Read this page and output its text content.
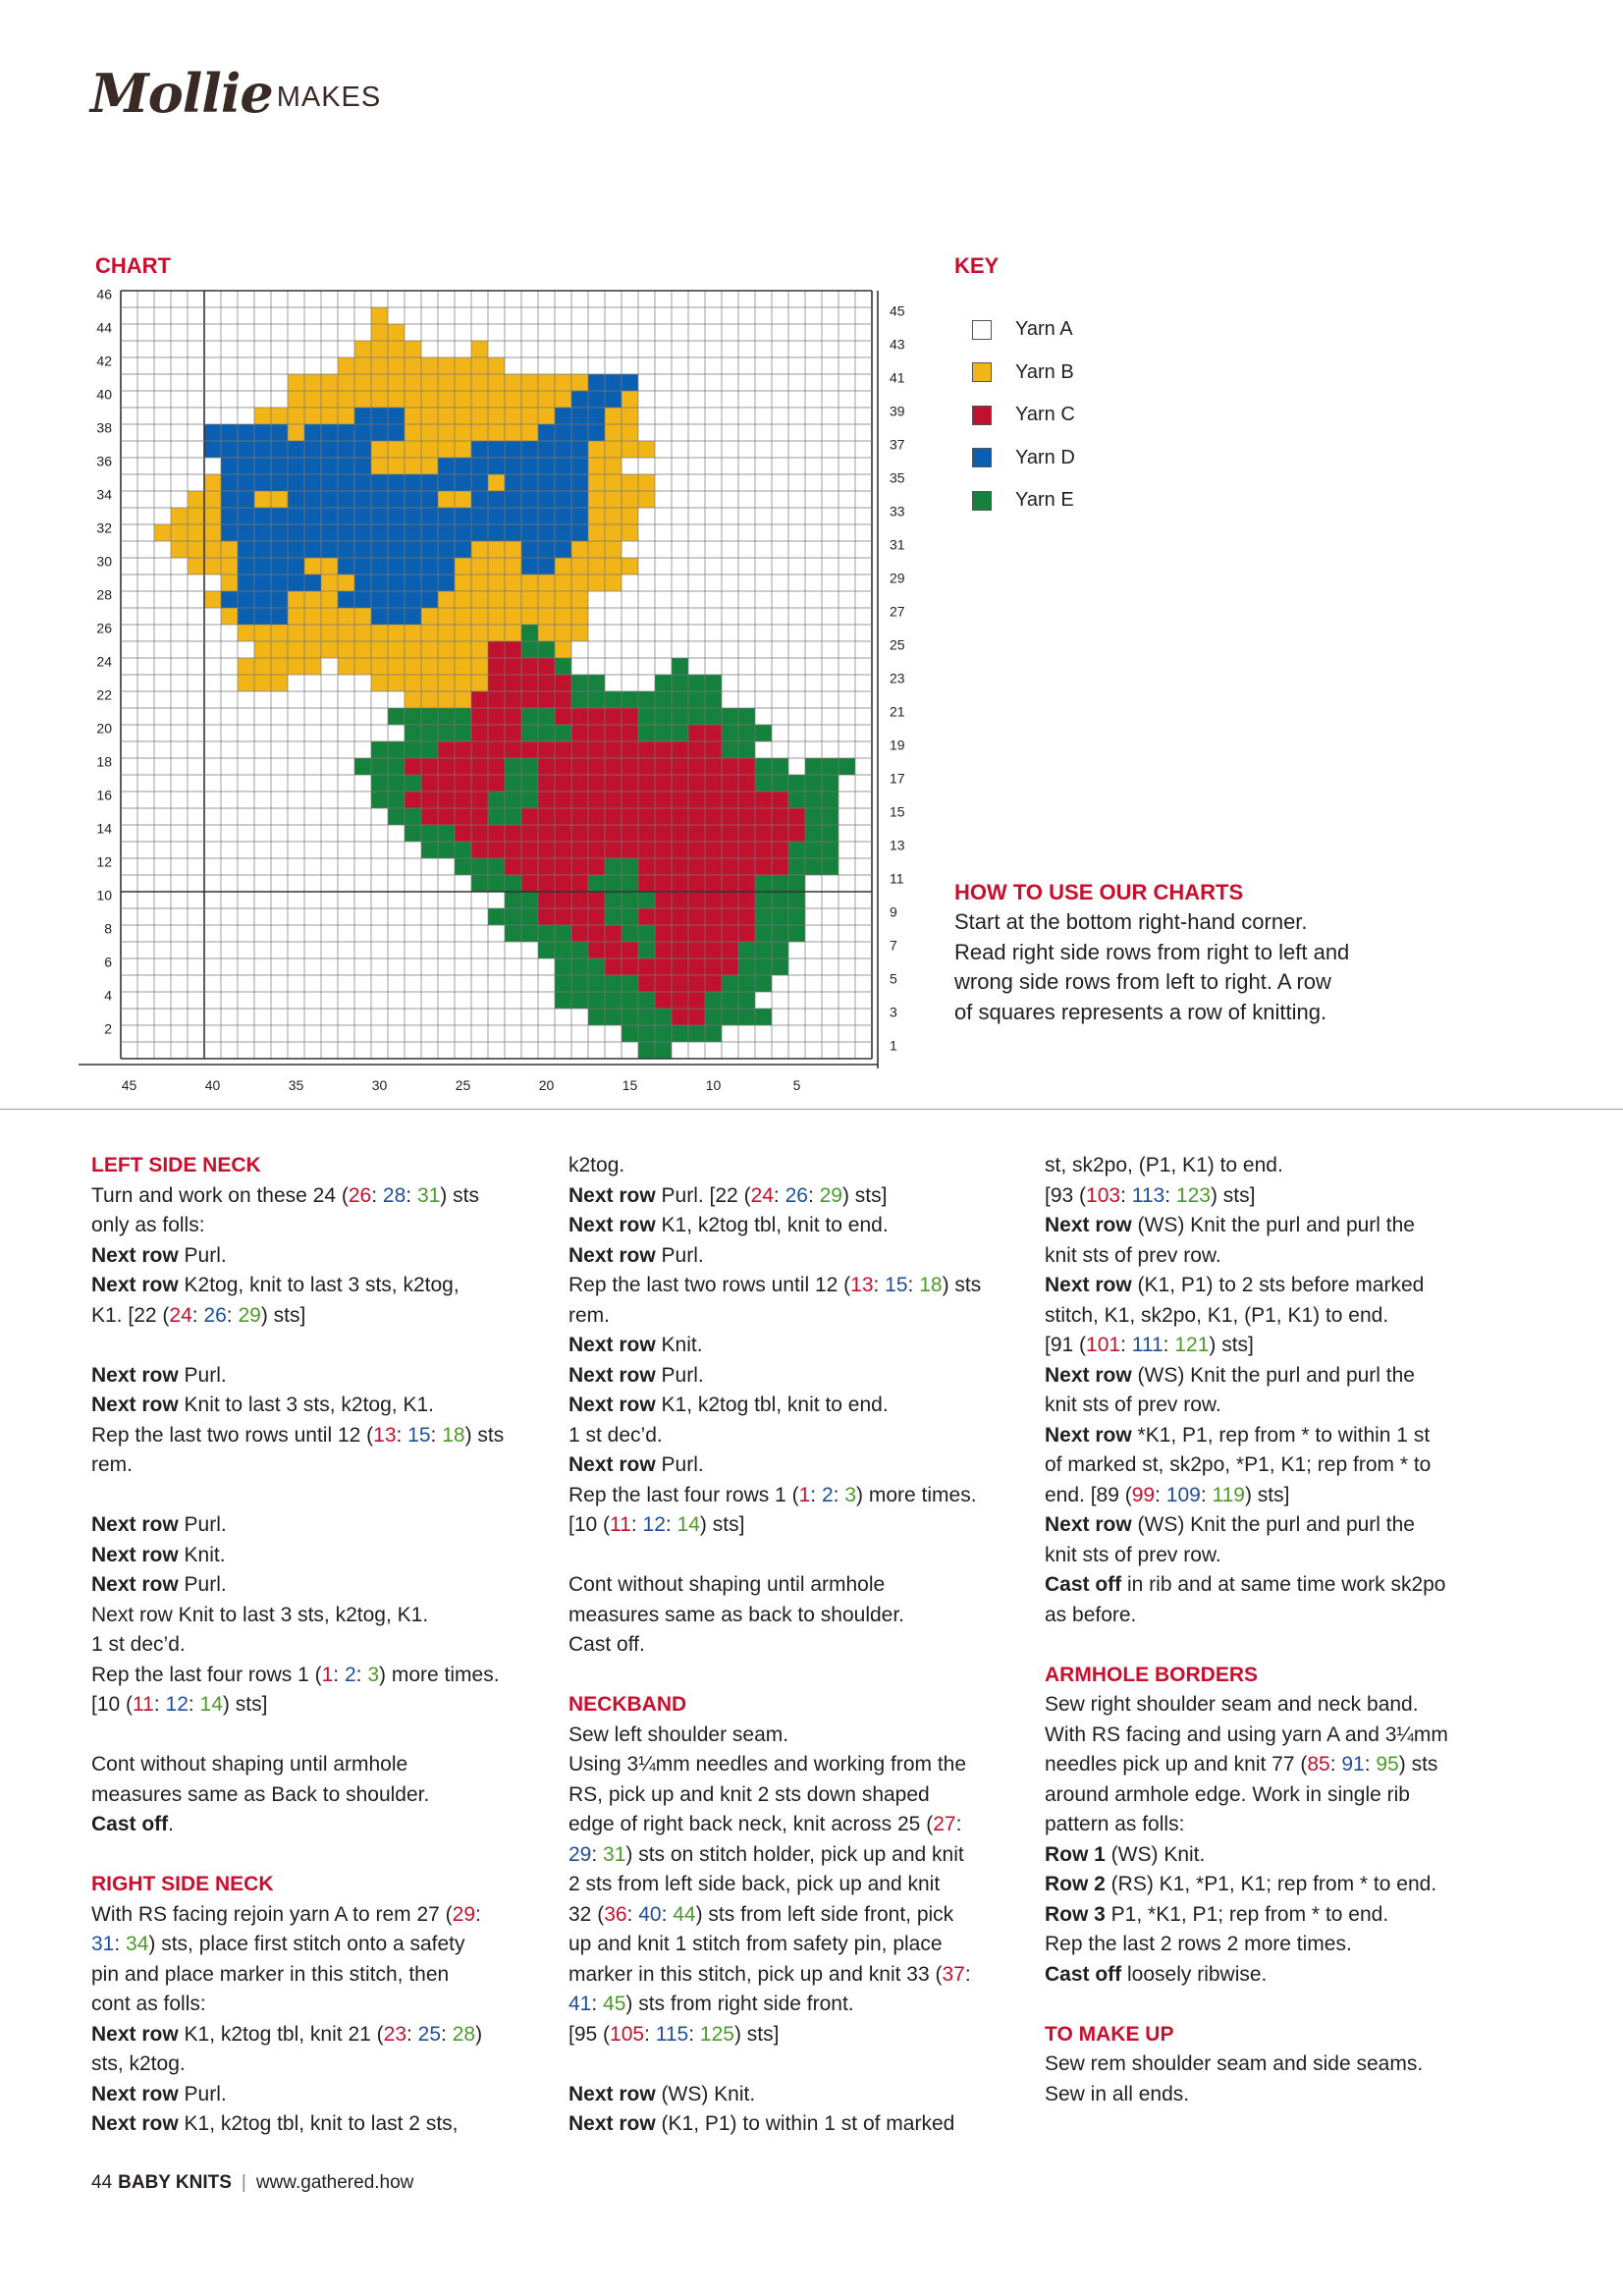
Mollie MAKES
CHART	KEY
46
44
42
40
38
36
34
32
30
28
26
24
22
20
18
16
14
12
10
8
6
4
2
45
43
41
39
37
35
33
31
29
27
25
23
21
19
17
15
13
11
9
7
5
3
1
45	40	35	30	25	20	15	10	5
Yarn A
Yarn B
Yarn C
Yarn D
Yarn E
HOW TO USE OUR CHARTS

Start at the bottom right-hand corner.

Read right side rows from right to left and

wrong side rows from left to right. A row

of squares represents a row of knitting.

LEFT SIDE NECK
Turn and work on these 24 (26: 28: 31) sts
only as folls:
Next row Purl.
Next row K2tog, knit to last 3 sts, k2tog,
K1. [22 (24: 26: 29) sts]
Next row Purl.
Next row Knit to last 3 sts, k2tog, K1.
Rep the last two rows until 12 (13: 15: 18) sts
rem.
Next row Purl.
Next row Knit.
Next row Purl.
Next row Knit to last 3 sts, k2tog, K1.
1 st dec’d.
Rep the last four rows 1 (1: 2: 3) more times.
[10 (11: 12: 14) sts]
Cont without shaping until armhole
measures same as Back to shoulder.
Cast off.
RIGHT SIDE NECK
With RS facing rejoin yarn A to rem 27 (29:
31: 34) sts, place first stitch onto a safety
pin and place marker in this stitch, then
cont as folls:
Next row K1, k2tog tbl, knit 21 (23: 25: 28)
sts, k2tog.
Next row Purl.
Next row K1, k2tog tbl, knit to last 2 sts,
k2tog.
Next row Purl. [22 (24: 26: 29) sts]
Next row K1, k2tog tbl, knit to end.
Next row Purl.
Rep the last two rows until 12 (13: 15: 18) sts
rem.
Next row Knit.
Next row Purl.
Next row K1, k2tog tbl, knit to end.
1 st dec’d.
Next row Purl.
Rep the last four rows 1 (1: 2: 3) more times.
[10 (11: 12: 14) sts]
Cont without shaping until armhole
measures same as back to shoulder.
Cast off.
NECKBAND
Sew left shoulder seam.
Using 3¼mm needles and working from the
RS, pick up and knit 2 sts down shaped
edge of right back neck, knit across 25 (27:
29: 31) sts on stitch holder, pick up and knit
2 sts from left side back, pick up and knit
32 (36: 40: 44) sts from left side front, pick
up and knit 1 stitch from safety pin, place
marker in this stitch, pick up and knit 33 (37:
41: 45) sts from right side front.
[95 (105: 115: 125) sts]
Next row (WS) Knit.
Next row (K1, P1) to within 1 st of marked
st, sk2po, (P1, K1) to end.
[93 (103: 113: 123) sts]
Next row (WS) Knit the purl and purl the
knit sts of prev row.
Next row (K1, P1) to 2 sts before marked
stitch, K1, sk2po, K1, (P1, K1) to end.
[91 (101: 111: 121) sts]
Next row (WS) Knit the purl and purl the
knit sts of prev row.
Next row *K1, P1, rep from * to within 1 st
of marked st, sk2po, *P1, K1; rep from * to
end. [89 (99: 109: 119) sts]
Next row (WS) Knit the purl and purl the
knit sts of prev row.
Cast off in rib and at same time work sk2po
as before.
ARMHOLE BORDERS
Sew right shoulder seam and neck band.
With RS facing and using yarn A and 3¼mm
needles pick up and knit 77 (85: 91: 95) sts
around armhole edge. Work in single rib
pattern as folls:
Row 1 (WS) Knit.
Row 2 (RS) K1, *P1, K1; rep from * to end.
Row 3 P1, *K1, P1; rep from * to end.
Rep the last 2 rows 2 more times.
Cast off loosely ribwise.
TO MAKE UP
Sew rem shoulder seam and side seams.
Sew in all ends.
44 BABY KNITS | www.gathered.how
